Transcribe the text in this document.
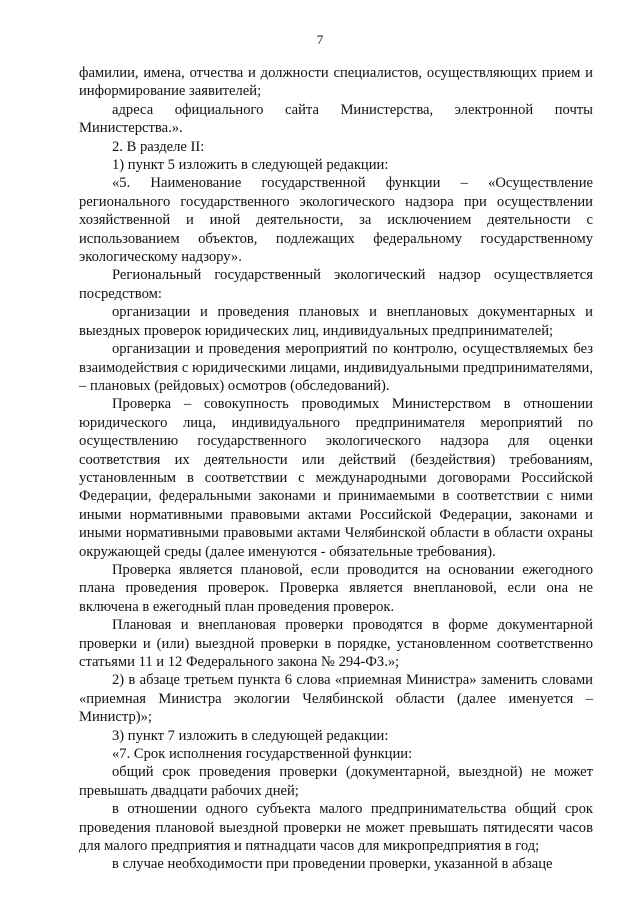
7

фамилии, имена, отчества и должности специалистов, осуществляющих прием и информирование заявителей;

адреса официального сайта Министерства, электронной почты Министерства.».

2. В разделе II:

1) пункт 5 изложить в следующей редакции:

«5. Наименование государственной функции – «Осуществление регионального государственного экологического надзора при осуществлении хозяйственной и иной деятельности, за исключением деятельности с использованием объектов, подлежащих федеральному государственному экологическому надзору».

Региональный государственный экологический надзор осуществляется посредством:

организации и проведения плановых и внеплановых документарных и выездных проверок юридических лиц, индивидуальных предпринимателей;

организации и проведения мероприятий по контролю, осуществляемых без взаимодействия с юридическими лицами, индивидуальными предпринимателями, – плановых (рейдовых) осмотров (обследований).

Проверка – совокупность проводимых Министерством в отношении юридического лица, индивидуального предпринимателя мероприятий по осуществлению государственного экологического надзора для оценки соответствия их деятельности или действий (бездействия) требованиям, установленным в соответствии с международными договорами Российской Федерации, федеральными законами и принимаемыми в соответствии с ними иными нормативными правовыми актами Российской Федерации, законами и иными нормативными правовыми актами Челябинской области в области охраны окружающей среды (далее именуются - обязательные требования).

Проверка является плановой, если проводится на основании ежегодного плана проведения проверок. Проверка является внеплановой, если она не включена в ежегодный план проведения проверок.

Плановая и внеплановая проверки проводятся в форме документарной проверки и (или) выездной проверки в порядке, установленном соответственно статьями 11 и 12 Федерального закона № 294-ФЗ.»;

2) в абзаце третьем пункта 6 слова «приемная Министра» заменить словами «приемная Министра экологии Челябинской области (далее именуется – Министр)»;

3) пункт 7 изложить в следующей редакции:

«7. Срок исполнения государственной функции:

общий срок проведения проверки (документарной, выездной) не может превышать двадцати рабочих дней;

в отношении одного субъекта малого предпринимательства общий срок проведения плановой выездной проверки не может превышать пятидесяти часов для малого предприятия и пятнадцати часов для микропредприятия в год;

в случае необходимости при проведении проверки, указанной в абзаце
